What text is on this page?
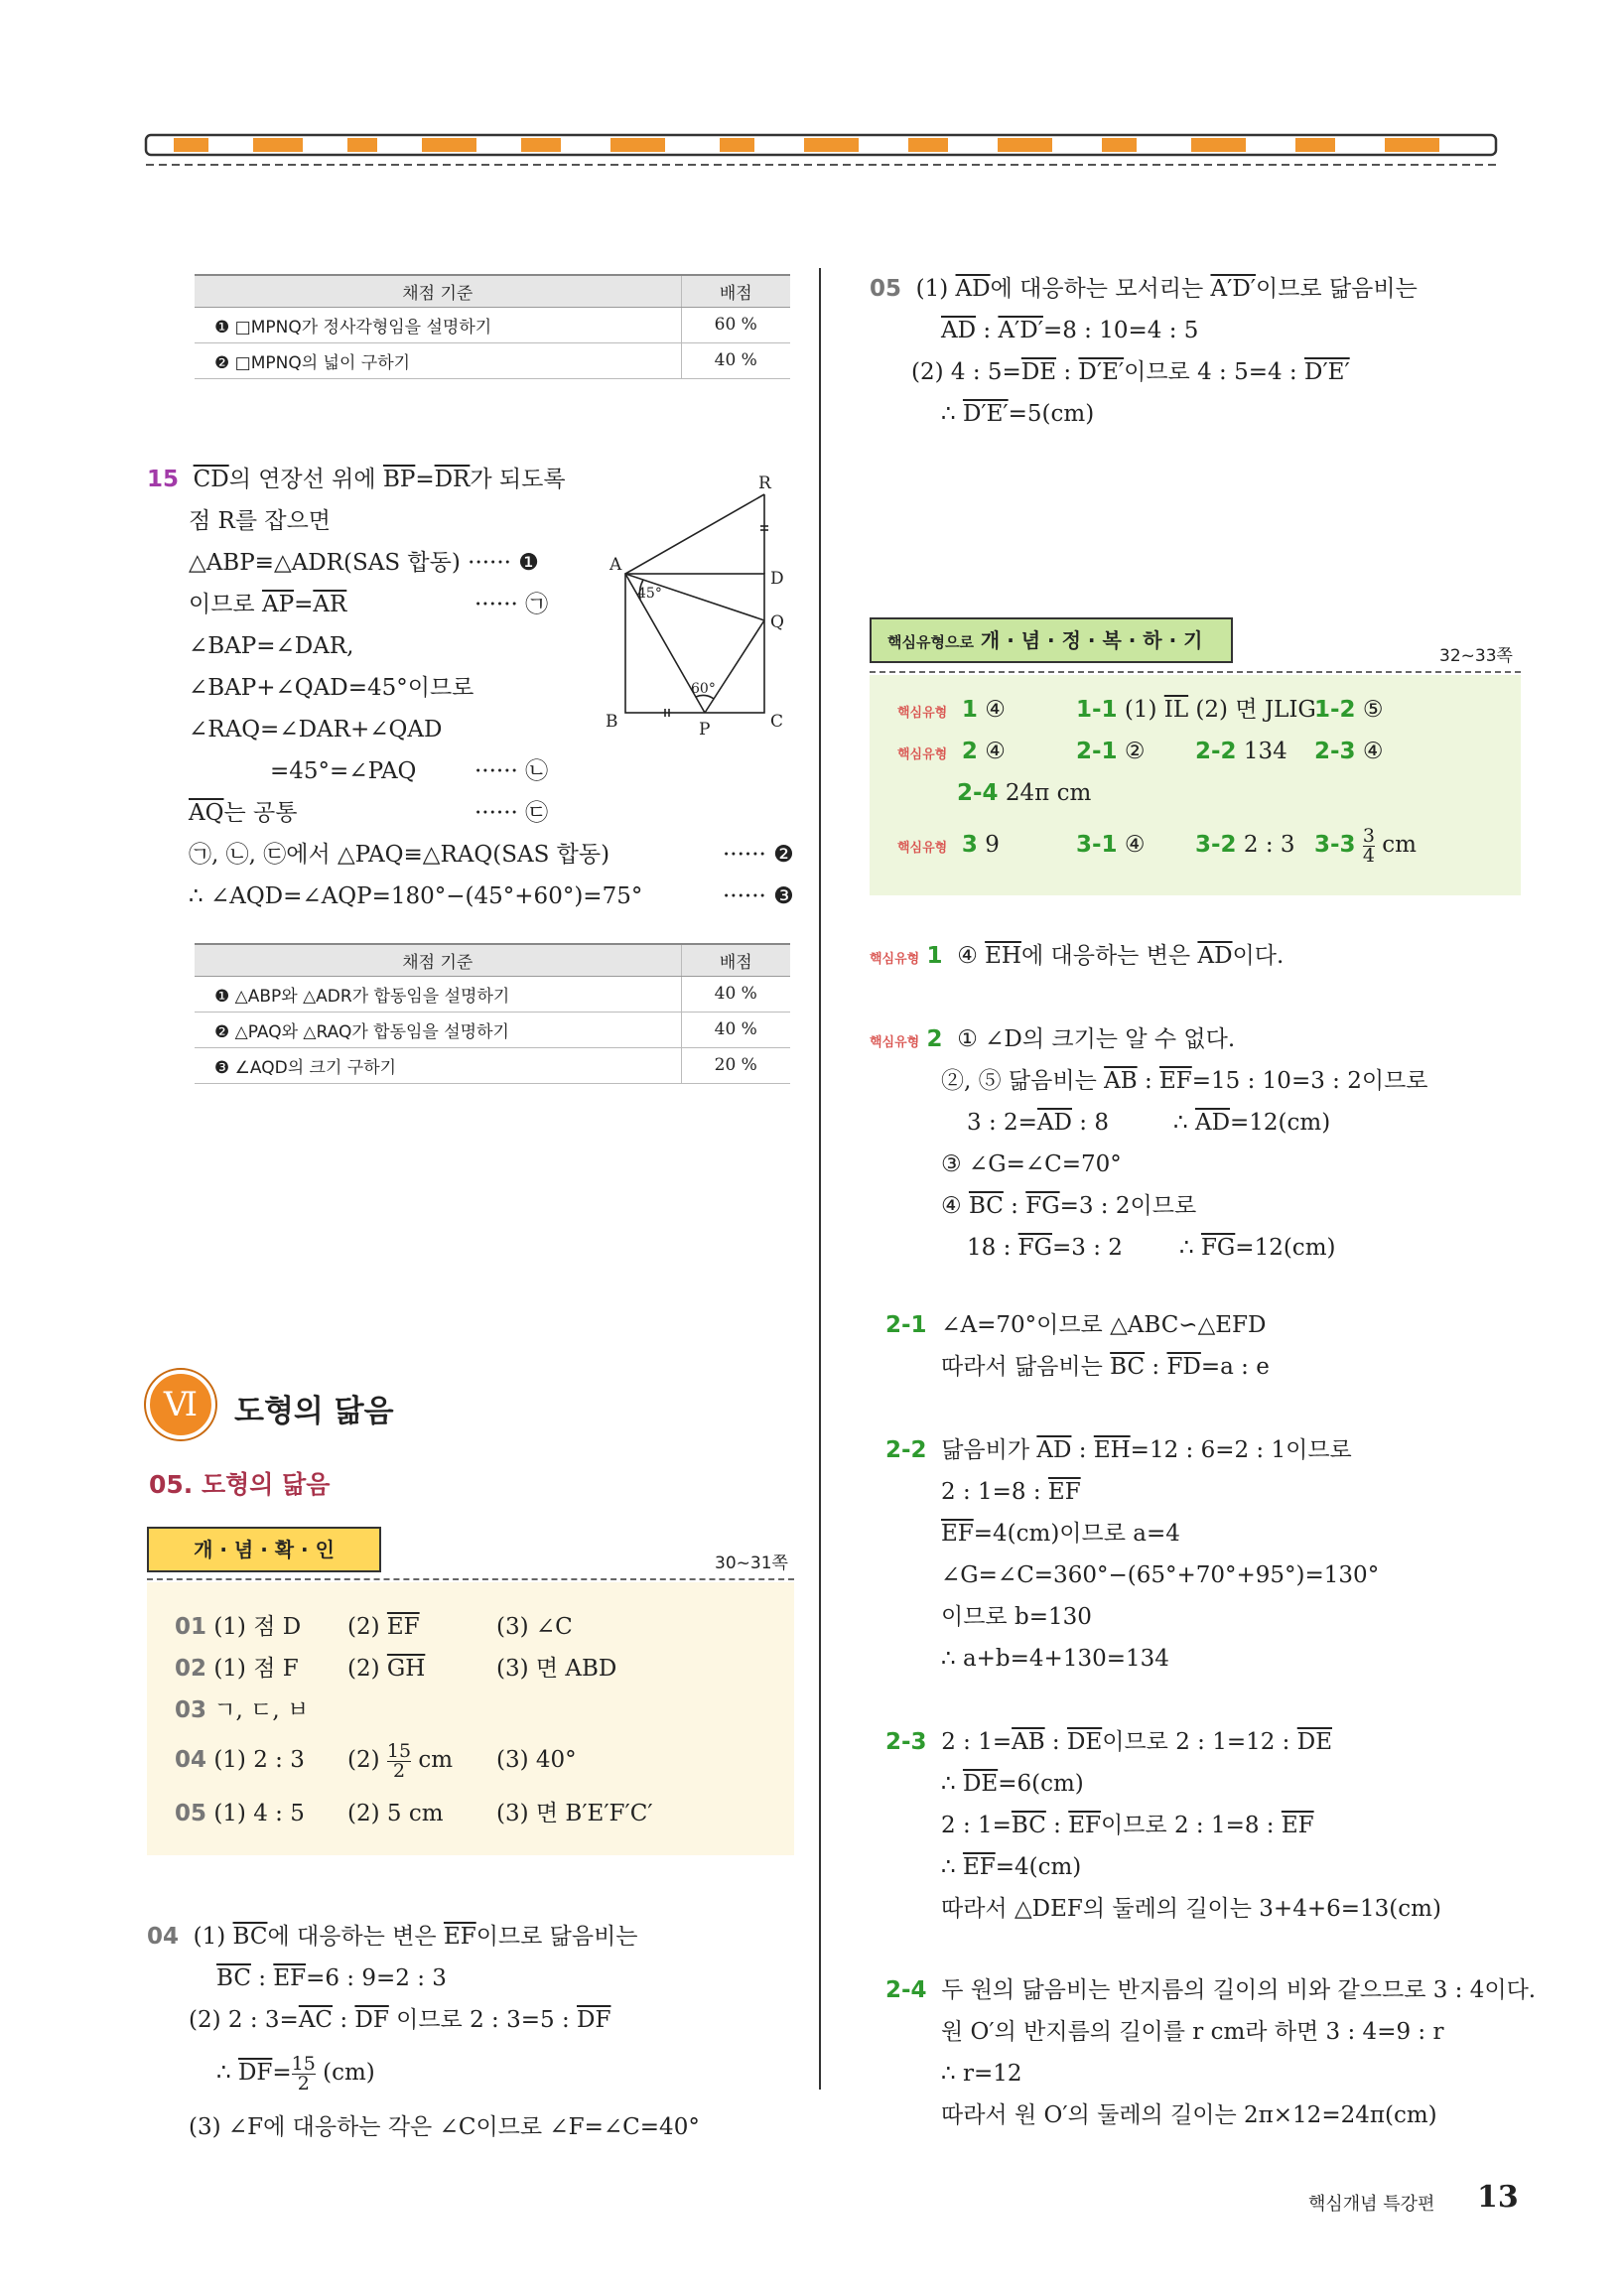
채점 기준	배점
❶ □MPNQ가 정사각형임을 설명하기	60 %
❷ □MPNQ의 넓이 구하기	40 %
15 $\overline{CD}$의 연장선 위에 $\overline{BP}=\overline{DR}$가 되도록
점 R를 잡으면
△ABP≡△ADR(SAS 합동) ······ ❶
이므로 $\overline{AP}=\overline{AR}$	······ ㉠
∠BAP=∠DAR,
∠BAP+∠QAD=45°이므로
∠RAQ=∠DAR+∠QAD
=45°=∠PAQ	······ ㉡
$\overline{AQ}$는 공통	······ ㉢
㉠, ㉡, ㉢에서 △PAQ≡△RAQ(SAS 합동)	······ ❷
∴ ∠AQD=∠AQP=180°−(45°+60°)=75°	······ ❸
A
B	C
D
P
Q
R
45°
60°
채점 기준	배점
❶ △ABP와 △ADR가 합동임을 설명하기	40 %
❷ △PAQ와 △RAQ가 합동임을 설명하기	40 %
❸ ∠AQD의 크기 구하기	20 %
Ⅵ	도형의 닮음
05. 도형의 닮음
개 · 념 · 확 · 인
30~31쪽
01 (1) 점 D (2) $\overline{EF}$	(3) ∠C
02 (1) 점 F (2) $\overline{GH}$	(3) 면 ABD
03 ㄱ, ㄷ, ㅂ
04 (1) 2 : 3 $(2) \frac{15}{2}$ cm (3) 40°
05 (1) 4 : 5 (2) 5 cm (3) 면 B′E′F′C′
04 (1) $\overline{BC}$에 대응하는 변은 $\overline{EF}$이므로 닮음비는
$\overline{BC}$ : $\overline{EF}=6$ : 9=2 : 3
(2) 2 : $3=\overline{AC}$ : $\overline{DF}$ 이므로 2 : 3=5 : $\overline{DF}$
∴ $\overline{DF}= \frac{15}{2} (cm)$
(3) ∠F에 대응하는 각은 ∠C이므로 ∠F=∠C=40°
05 (1) $\overline{AD}$에 대응하는 모서리는 A′D′이므로 닮음비는
$\overline{AD}$ : A′D′=8 : 10=4 : 5
(2) 4 : $5=\overline{DE}$ : D′E′이므로 4 : 5=4 : D′E′
∴ D′E′=5(cm)
핵심유형으로 개 · 념 · 정 · 복 · 하 · 기
32~33쪽
핵심유형 1 ④	1-1 (1) $\overline{IL}$ (2) 면 JLIG
1-2 ⑤
핵심유형 2 ④	2-1 ② 2-2 134 2-3 ④
2-4 24π cm
핵심유형 3 9	3-1 ④ 3-2 2 : 3 $3-3 \frac{3}{4}$ cm
핵심유형 1 ④ $\overline{EH}$에 대응하는 변은 $\overline{AD}$이다.
핵심유형 2 ① ∠D의 크기는 알 수 없다.
②, ⑤ 닮음비는 $\overline{AB}$ : $\overline{EF}=15$ : 10=3 : 2이므로
3 : $2=\overline{AD}$ : 8	∴ $\overline{AD}=12(cm)$
③ ∠G=∠C=70°
④ $\overline{BC}$ : $\overline{FG}=3$ : 2이므로
18 : $\overline{FG}=3$ : 2 ∴ $\overline{FG}=12(cm)$
2-1 ∠A=70°이므로 △ABC∽△EFD
따라서 닮음비는 $\overline{BC}$ : $\overline{FD}=a$ : e
2-2 닮음비가 $\overline{AD}$ : $\overline{EH}=12$ : 6=2 : 1이므로
2 : 1=8 : $\overline{EF}$
$\overline{EF}=4(cm)$이므로 a=4
∠G=∠C=360°−(65°+70°+95°)=130°
이므로 b=130
∴ a+b=4+130=134
2-3 2 : $1=\overline{AB}$ : $\overline{DE}$이므로 2 : 1=12 : $\overline{DE}$
∴ $\overline{DE}=6(cm)$
2 : $1=\overline{BC}$ : $\overline{EF}$이므로 2 : 1=8 : $\overline{EF}$
∴ $\overline{EF}=4(cm)$
따라서 △DEF의 둘레의 길이는 3+4+6=13(cm)
2-4 두 원의 닮음비는 반지름의 길이의 비와 같으므로 3 : 4이다.
원 O′의 반지름의 길이를 r cm라 하면 3 : 4=9 : r
∴ r=12
따라서 원 O′의 둘레의 길이는 2π×12=24π(cm)
핵심개념 특강편 13
